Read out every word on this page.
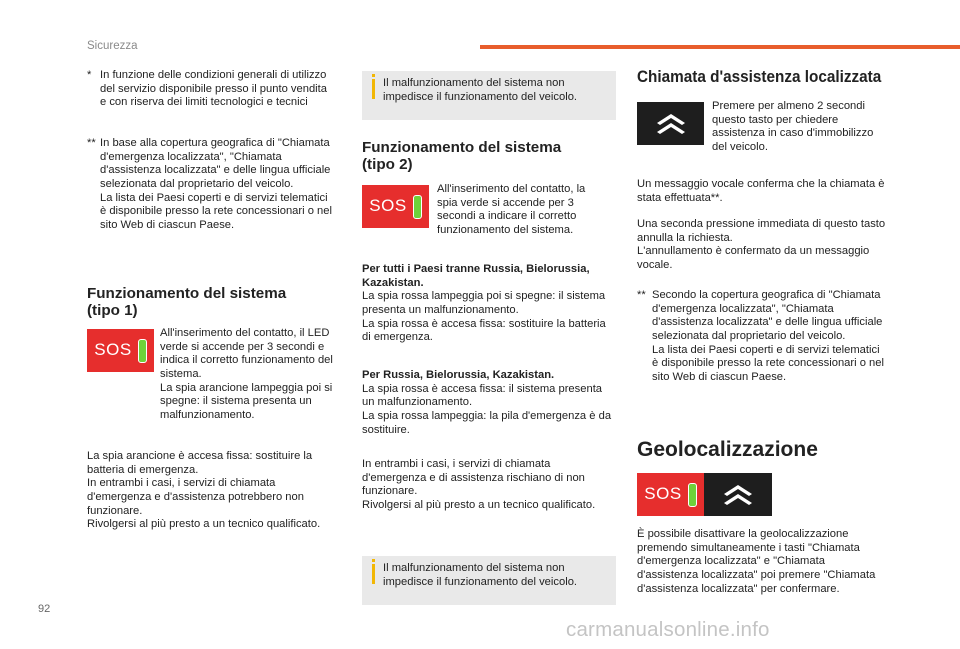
Sicurezza
* In funzione delle condizioni generali di utilizzo del servizio disponibile presso il punto vendita e con riserva dei limiti tecnologici e tecnici
** In base alla copertura geografica di "Chiamata d'emergenza localizzata", "Chiamata d'assistenza localizzata" e delle lingua ufficiale selezionata dal proprietario del veicolo.
La lista dei Paesi coperti e di servizi telematici è disponibile presso la rete concessionari o nel sito Web di ciascun Paese.
Funzionamento del sistema (tipo 1)
SOS

All'inserimento del contatto, il LED verde si accende per 3 secondi e indica il corretto funzionamento del sistema.

La spia arancione lampeggia poi si spegne: il sistema presenta un malfunzionamento.

La spia arancione è accesa fissa: sostituire la batteria di emergenza.

In entrambi i casi, i servizi di chiamata d'emergenza e d'assistenza potrebbero non funzionare.

Rivolgersi al più presto a un tecnico qualificato.

Il malfunzionamento del sistema non impedisce il funzionamento del veicolo.
Funzionamento del sistema (tipo 2)
SOS
All'inserimento del contatto, la spia verde si accende per 3 secondi a indicare il corretto funzionamento del sistema.

Per tutti i Paesi tranne Russia, Bielorussia, Kazakistan.

La spia rossa lampeggia poi si spegne: il sistema presenta un malfunzionamento.

La spia rossa è accesa fissa: sostituire la batteria di emergenza.

Per Russia, Bielorussia, Kazakistan.

La spia rossa è accesa fissa: il sistema presenta un malfunzionamento.

La spia rossa lampeggia: la pila d'emergenza è da sostituire.

In entrambi i casi, i servizi di chiamata d'emergenza e di assistenza rischiano di non funzionare.

Rivolgersi al più presto a un tecnico qualificato.

Il malfunzionamento del sistema non impedisce il funzionamento del veicolo.
Chiamata d'assistenza localizzata
Premere per almeno 2 secondi questo tasto per chiedere assistenza in caso d'immobilizzo del veicolo.
Un messaggio vocale conferma che la chiamata è stata effettuata**.

Una seconda pressione immediata di questo tasto annulla la richiesta.

L'annullamento è confermato da un messaggio vocale.

** Secondo la copertura geografica di "Chiamata d'emergenza localizzata", "Chiamata d'assistenza localizzata" e delle lingua ufficiale selezionata dal proprietario del veicolo.
La lista dei Paesi coperti e di servizi telematici è disponibile presso la rete concessionari o nel sito Web di ciascun Paese.
Geolocalizzazione
SOS
È possibile disattivare la geolocalizzazione premendo simultaneamente i tasti "Chiamata d'emergenza localizzata" e "Chiamata d'assistenza localizzata" poi premere "Chiamata d'assistenza localizzata" per confermare.
92
carmanualsonline.info
